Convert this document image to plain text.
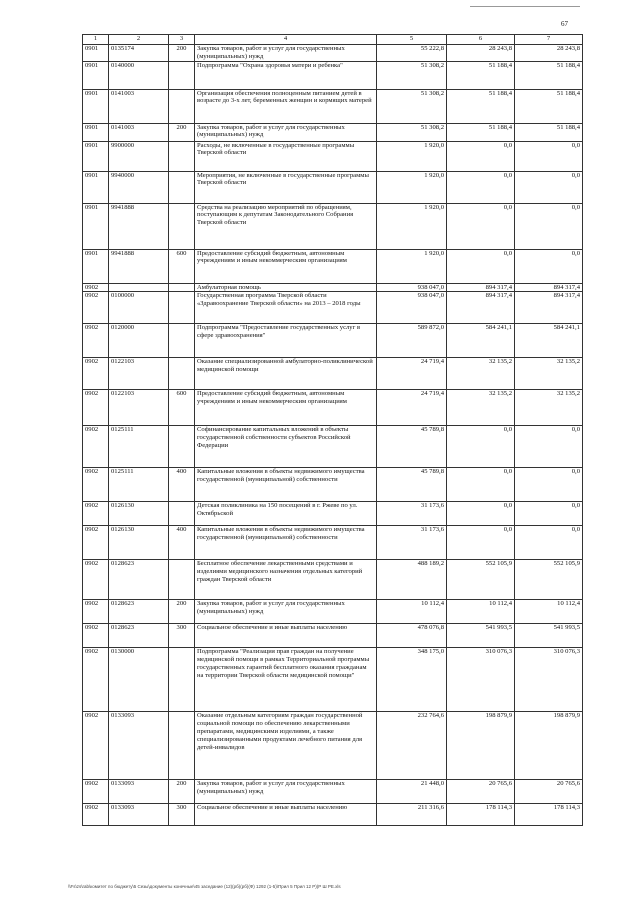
67
1	2	3	4	5	6	7
0901	0135174	200	Закупка товаров, работ и услуг для государственных (муниципальных) нужд	55 222,8	28 243,8	28 243,8
0901	0140000		Подпрограмма "Охрана здоровья матери и ребенка"	51 308,2	51 188,4	51 188,4
0901	0141003		Организация обеспечения полноценным питанием детей в возрасте до 3-х лет, беременных женщин и кормящих матерей	51 308,2	51 188,4	51 188,4
0901	0141003	200	Закупка товаров, работ и услуг для государственных (муниципальных) нужд	51 308,2	51 188,4	51 188,4
0901	9900000		Расходы, не включенные в государственные программы Тверской области	1 920,0	0,0	0,0
0901	9940000		Мероприятия, не включенные в государственные программы Тверской области	1 920,0	0,0	0,0
0901	9941888		Средства на реализацию мероприятий по обращениям, поступающим к депутатам Законодательного Собрания Тверской области	1 920,0	0,0	0,0
0901	9941888	600	Предоставление субсидий бюджетным, автономным учреждениям и иным некоммерческим организациям	1 920,0	0,0	0,0
0902			Амбулаторная помощь	938 047,0	894 317,4	894 317,4
0902	0100000		Государственная программа Тверской области «Здравоохранение Тверской области» на 2013 – 2018 годы	938 047,0	894 317,4	894 317,4
0902	0120000		Подпрограмма "Предоставление государственных услуг в сфере здравоохранения"	589 872,0	584 241,1	584 241,1
0902	0122103		Оказание специализированной амбулаторно-поликлинической медицинской помощи	24 719,4	32 135,2	32 135,2
0902	0122103	600	Предоставление субсидий бюджетным, автономным учреждениям и иным некоммерческим организациям	24 719,4	32 135,2	32 135,2
0902	0125111		Софинансирование капитальных вложений в объекты государственной собственности субъектов Российской Федерации	45 789,8	0,0	0,0
0902	0125111	400	Капитальные вложения в объекты недвижимого имущества государственной (муниципальной) собственности	45 789,8	0,0	0,0
0902	0126130		Детская поликлиника на 150 посещений в г. Ржеве по ул. Октябрьской	31 173,6	0,0	0,0
0902	0126130	400	Капитальные вложения в объекты недвижимого имущества государственной (муниципальной) собственности	31 173,6	0,0	0,0
0902	0128623		Бесплатное обеспечение лекарственными средствами и изделиями медицинского назначения отдельных категорий граждан Тверской области	488 189,2	552 105,9	552 105,9
0902	0128623	200	Закупка товаров, работ и услуг для государственных (муниципальных) нужд	10 112,4	10 112,4	10 112,4
0902	0128623	300	Социальное обеспечение и иные выплаты населению	478 076,8	541 993,5	541 993,5
0902	0130000		Подпрограмма "Реализация прав граждан на получение медицинской помощи в рамках Территориальной программы государственных гарантий бесплатного оказания гражданам на территории Тверской области медицинской помощи"	348 175,0	310 076,3	310 076,3
0902	0133093		Оказание отдельным категориям граждан государственной социальной помощи по обеспечению лекарственными препаратами, медицинскими изделиями, а также специализированными продуктами лечебного питания для детей-инвалидов	232 764,6	198 879,9	198 879,9
0902	0133093	200	Закупка товаров, работ и услуг для государственных (муниципальных) нужд	21 448,0	20 765,6	20 765,6
0902	0133093	300	Социальное обеспечение и иные выплаты населению	211 316,6	178 114,3	178 114,3
\\Fs\zs\rab\комитет по бюджету\5 Сезы\документы конечные\45 заседание (12)(рб)(рб)(Ф) 1292 (1-5)\Прил 5 Прил 12 Р)(Р Ш РЕ.xls
